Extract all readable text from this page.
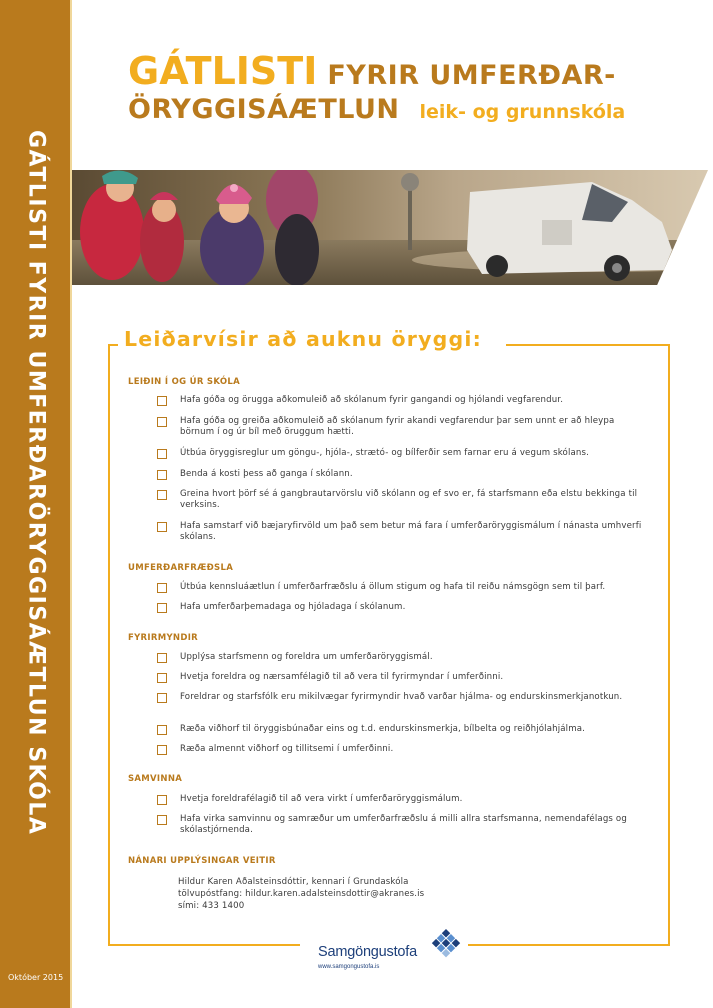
GÁTLISTI FYRIR UMFERÐARÖRYGGISÁÆTLUN SKÓLA
Október 2015
GÁTLISTI FYRIR UMFERÐAR-
ÖRYGGISÁÆTLUN leik- og grunnskóla
Leiðarvísir að auknu öryggi:
LEIÐIN Í OG ÚR SKÓLA
Hafa góða og örugga aðkomuleið að skólanum fyrir gangandi og hjólandi vegfarendur.
Hafa góða og greiða aðkomuleið að skólanum fyrir akandi vegfarendur þar sem unnt er að hleypa börnum í og úr bíl með öruggum hætti.
Útbúa öryggisreglur um göngu-, hjóla-, strætó- og bílferðir sem farnar eru á vegum skólans.
Benda á kosti þess að ganga í skólann.
Greina hvort þörf sé á gangbrautarvörslu við skólann og ef svo er, fá starfsmann eða elstu bekkinga til verksins.
Hafa samstarf við bæjaryfirvöld um það sem betur má fara í umferðaröryggismálum í nánasta umhverfi skólans.
UMFERÐARFRÆÐSLA
Útbúa kennsluáætlun í umferðarfræðslu á öllum stigum og hafa til reiðu námsgögn sem til þarf.
Hafa umferðarþemadaga og hjóladaga í skólanum.
FYRIRMYNDIR
Upplýsa starfsmenn og foreldra um umferðaröryggismál.
Hvetja foreldra og nærsamfélagið til að vera til fyrirmyndar í umferðinni.
Foreldrar og starfsfólk eru mikilvægar fyrirmyndir hvað varðar hjálma- og endurskinsmerkjanotkun.
Ræða viðhorf til öryggisbúnaðar eins og t.d. endurskinsmerkja, bílbelta og reiðhjólahjálma.
Ræða almennt viðhorf og tillitsemi í umferðinni.
SAMVINNA
Hvetja foreldrafélagið til að vera virkt í umferðaröryggismálum.
Hafa virka samvinnu og samræður um umferðarfræðslu á milli allra starfsmanna, nemendafélags og skólastjórnenda.
NÁNARI UPPLÝSINGAR VEITIR
Hildur Karen Aðalsteinsdóttir, kennari í Grundaskóla
tölvupóstfang: hildur.karen.adalsteinsdottir@akranes.is
sími: 433 1400
Samgöngustofa
www.samgongustofa.is
